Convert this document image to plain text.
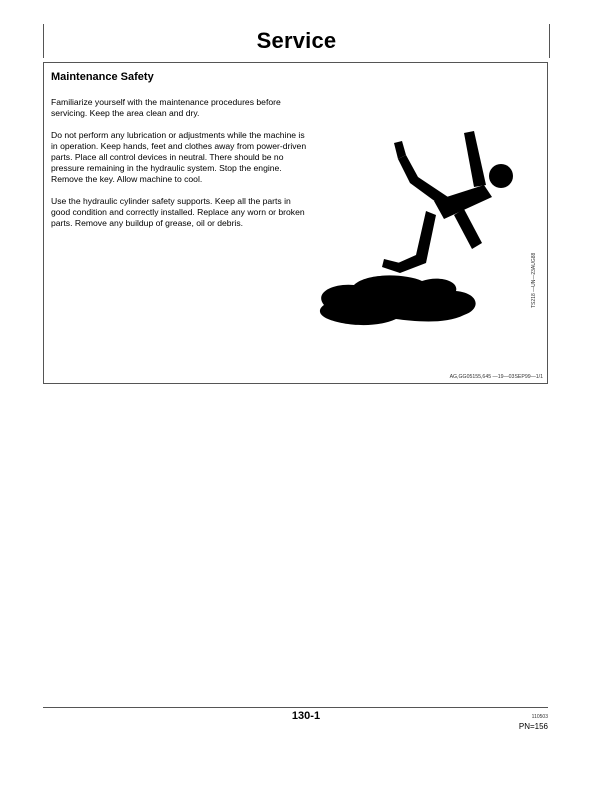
Service
Maintenance Safety

Familiarize yourself with the maintenance procedures before servicing. Keep the area clean and dry.

Do not perform any lubrication or adjustments while the machine is in operation. Keep hands, feet and clothes away from power-driven parts. Place all control devices in neutral. There should be no pressure remaining in the hydraulic system. Stop the engine. Remove the key. Allow machine to cool.

Use the hydraulic cylinder safety supports. Keep all the parts in good condition and correctly installed. Replace any worn or broken parts. Remove any buildup of grease, oil or debris.

TS218 —UN—23AUG88
AG,GG05155,645 —19—03SEP99—1/1
130-1	110503
PN=156
